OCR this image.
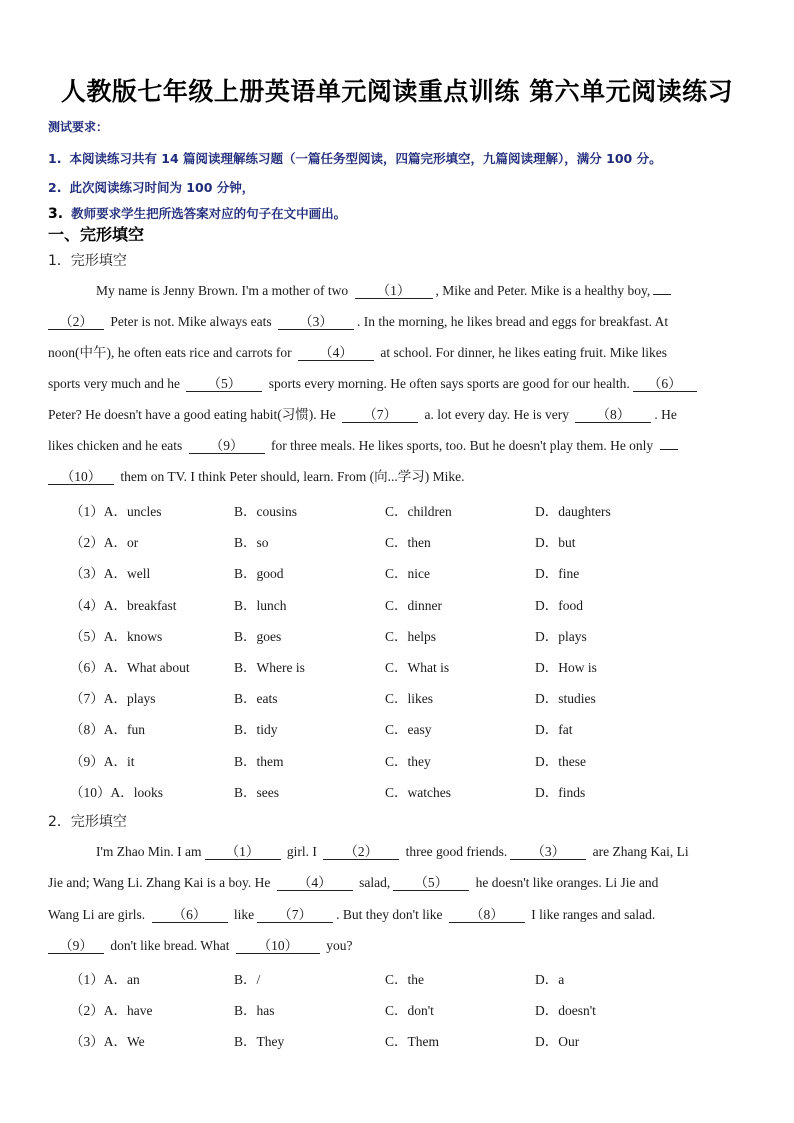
人教版七年级上册英语单元阅读重点训练 第六单元阅读练习
测试要求：
1. 本阅读练习共有 14 篇阅读理解练习题（一篇任务型阅读，四篇完形填空，九篇阅读理解），满分 100 分。
2. 此次阅读练习时间为 100 分钟，
3. 教师要求学生把所选答案对应的句子在文中画出。
一、完形填空
1．完形填空
My name is Jenny Brown. I'm a mother of two （1） , Mike and Peter. Mike is a healthy boy,
（2） Peter is not. Mike always eats （3） . In the morning, he likes bread and eggs for breakfast. At
noon(中午), he often eats rice and carrots for （4） at school. For dinner, he likes eating fruit. Mike likes
sports very much and he （5） sports every morning. He often says sports are good for our health. （6）
Peter? He doesn't have a good eating habit(习惯). He （7） a. lot every day. He is very （8） . He
likes chicken and he eats （9） for three meals. He likes sports, too. But he doesn't play them. He only
（10） them on TV. I think Peter should, learn. From (向...学习) Mike.
（1）A．uncles	B．cousins	C．children	D．daughters
（2）A．or	B．so	C．then	D．but
（3）A．well	B．good	C．nice	D．fine
（4）A．breakfast	B．lunch	C．dinner	D．food
（5）A．knows	B．goes	C．helps	D．plays
（6）A．What about	B．Where is	C．What is	D．How is
（7）A．plays	B．eats	C．likes	D．studies
（8）A．fun	B．tidy	C．easy	D．fat
（9）A．it	B．them	C．they	D．these
（10）A．looks	B．sees	C．watches	D．finds
2．完形填空
I'm Zhao Min. I am （1） girl. I （2） three good friends. （3） are Zhang Kai, Li
Jie and; Wang Li. Zhang Kai is a boy. He （4） salad, （5） he doesn't like oranges. Li Jie and
Wang Li are girls. （6） like （7） . But they don't like （8） I like ranges and salad.
（9） don't like bread. What （10） you?
（1）A．an	B．/	C．the	D．a
（2）A．have	B．has	C．don't	D．doesn't
（3）A．We	B．They	C．Them	D．Our
